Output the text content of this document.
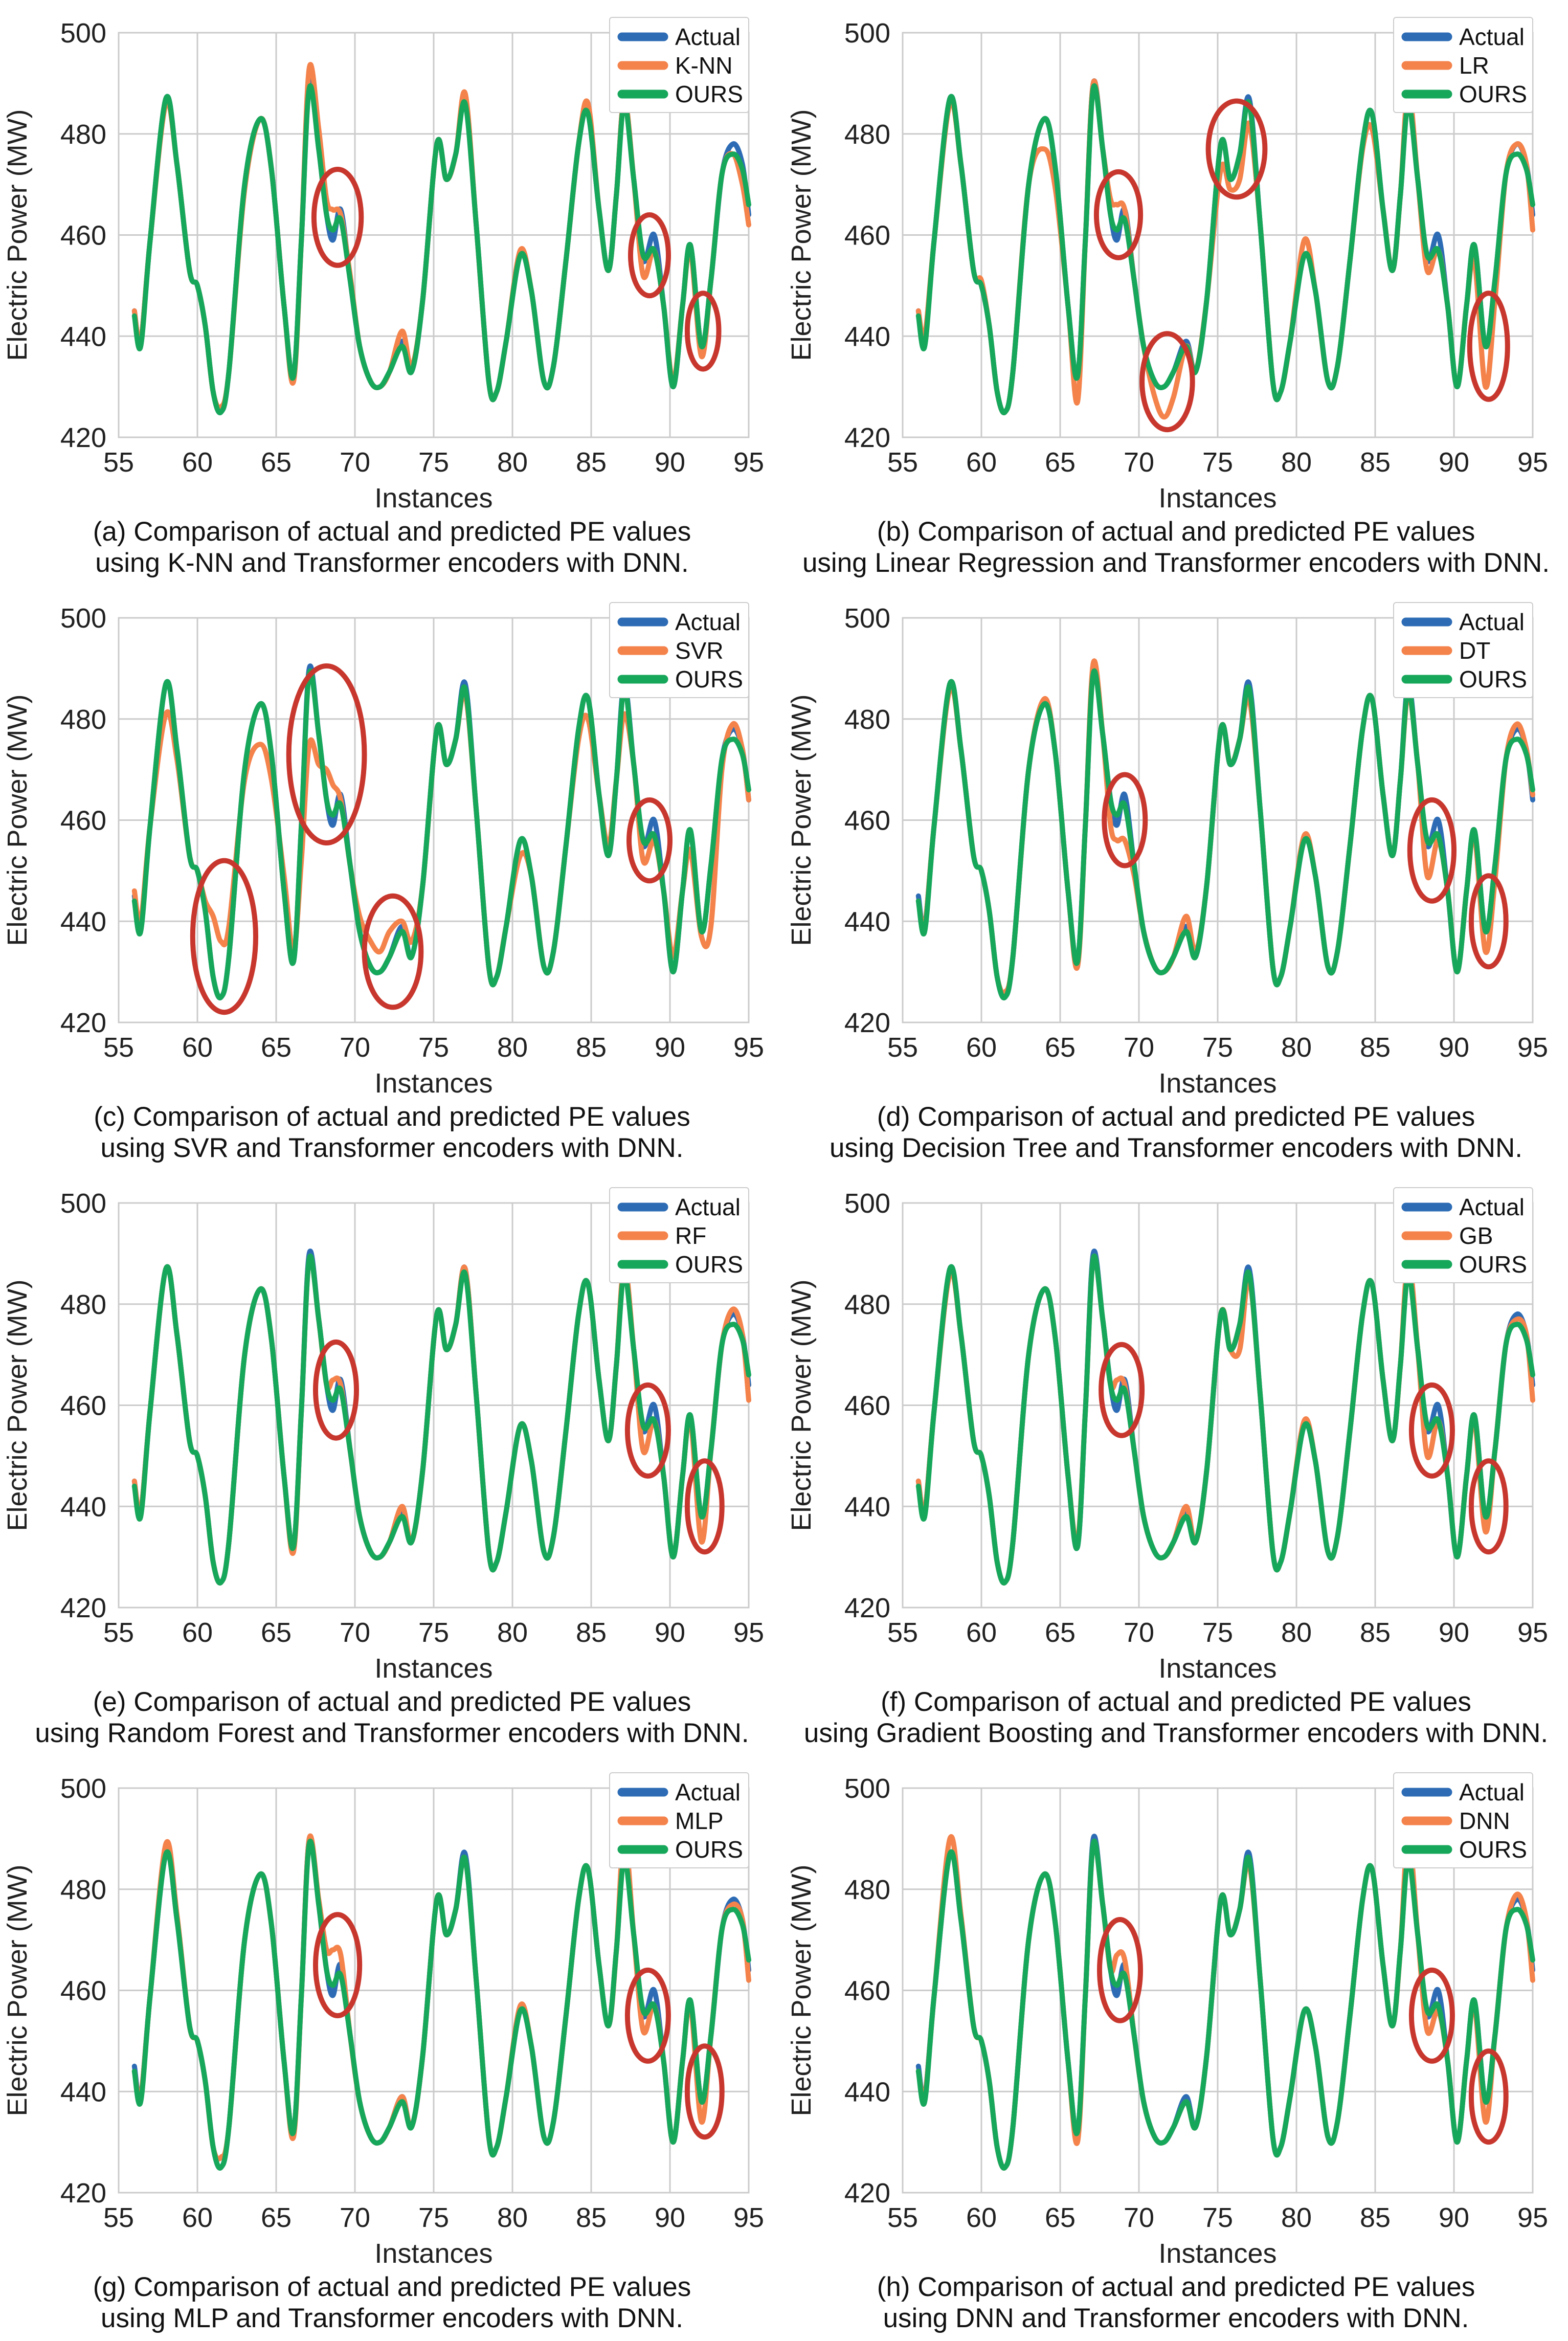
420
440
460
480
500
55 60 65 70 75 80 85 90 95
Instances
Electric Power (MW)
Actual
K-NN
OURS
(a) Comparison of actual and predicted PE values
using K-NN and Transformer encoders with DNN.
420
440
460
480
500
55 60 65 70 75 80 85 90 95
Instances
Electric Power (MW)
Actual
LR
OURS
(b) Comparison of actual and predicted PE values
using Linear Regression and Transformer encoders with DNN.
420
440
460
480
500
55 60 65 70 75 80 85 90 95
Instances
Electric Power (MW)
Actual
SVR
OURS
(c) Comparison of actual and predicted PE values
using SVR and Transformer encoders with DNN.
420
440
460
480
500
55 60 65 70 75 80 85 90 95
Instances
Electric Power (MW)
Actual
DT
OURS
(d) Comparison of actual and predicted PE values
using Decision Tree and Transformer encoders with DNN.
420
440
460
480
500
55 60 65 70 75 80 85 90 95
Instances
Electric Power (MW)
Actual
RF
OURS
(e) Comparison of actual and predicted PE values
using Random Forest and Transformer encoders with DNN.
420
440
460
480
500
55 60 65 70 75 80 85 90 95
Instances
Electric Power (MW)
Actual
GB
OURS
(f) Comparison of actual and predicted PE values
using Gradient Boosting and Transformer encoders with DNN.
420
440
460
480
500
55 60 65 70 75 80 85 90 95
Instances
Electric Power (MW)
Actual
MLP
OURS
(g) Comparison of actual and predicted PE values
using MLP and Transformer encoders with DNN.
420
440
460
480
500
55 60 65 70 75 80 85 90 95
Instances
Electric Power (MW)
Actual
DNN
OURS
(h) Comparison of actual and predicted PE values
using DNN and Transformer encoders with DNN.
